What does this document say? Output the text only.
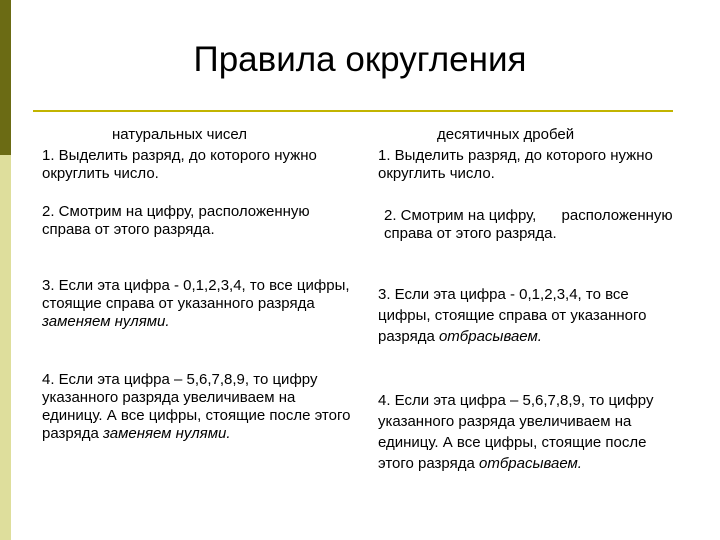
Правила округления
натуральных чисел
1. Выделить разряд, до которого нужно округлить число.
2. Смотрим на цифру, расположенную справа от этого разряда.
3. Если эта цифра - 0,1,2,3,4, то все цифры, стоящие справа от указанного разряда заменяем нулями.
4. Если эта цифра – 5,6,7,8,9, то цифру указанного разряда увеличиваем на единицу. А все цифры, стоящие после этого разряда заменяем нулями.
десятичных дробей
1. Выделить разряд, до которого нужно округлить число.
2. Смотрим на цифру, расположенную справа от этого разряда.
3. Если эта цифра - 0,1,2,3,4, то все цифры, стоящие справа от указанного разряда отбрасываем.
4. Если эта цифра – 5,6,7,8,9, то цифру указанного разряда увеличиваем на единицу. А все цифры, стоящие после этого разряда отбрасываем.
